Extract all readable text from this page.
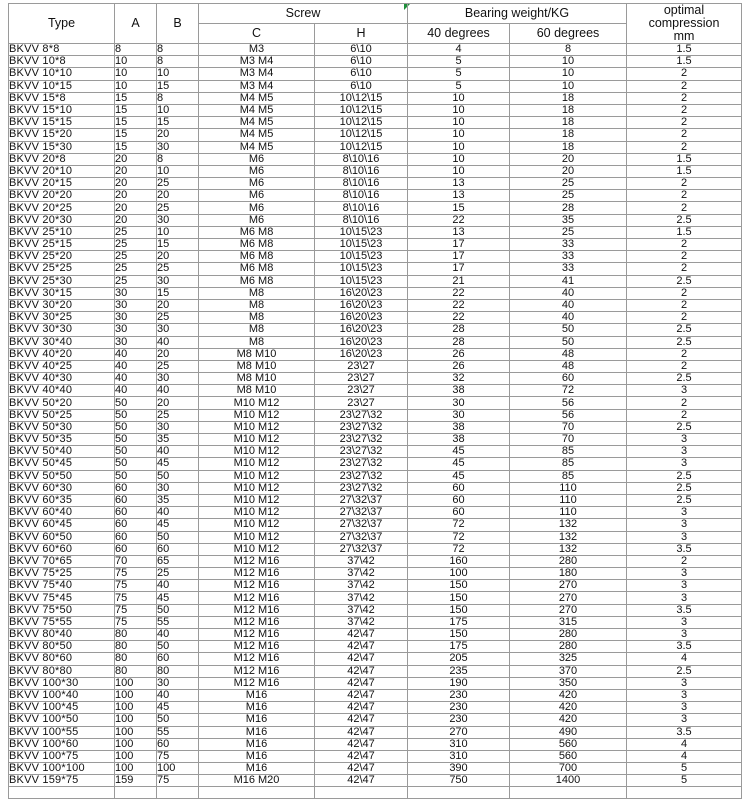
Type	A	B	Screw		Bearing weight/KG		optimal
compression
mm

			C	H	40 degrees	60 degrees	
BKVV 8*8	8	8	M3	6\10	4	8	1.5
BKVV 10*8	10	8	M3 M4	6\10	5	10	1.5
BKVV 10*10	10	10	M3 M4	6\10	5	10	2
BKVV 10*15	10	15	M3 M4	6\10	5	10	2
BKVV 15*8	15	8	M4 M5	10\12\15	10	18	2
BKVV 15*10	15	10	M4 M5	10\12\15	10	18	2
BKVV 15*15	15	15	M4 M5	10\12\15	10	18	2
BKVV 15*20	15	20	M4 M5	10\12\15	10	18	2
BKVV 15*30	15	30	M4 M5	10\12\15	10	18	2
BKVV 20*8	20	8	M6	8\10\16	10	20	1.5
BKVV 20*10	20	10	M6	8\10\16	10	20	1.5
BKVV 20*15	20	25	M6	8\10\16	13	25	2
BKVV 20*20	20	20	M6	8\10\16	13	25	2
BKVV 20*25	20	25	M6	8\10\16	15	28	2
BKVV 20*30	20	30	M6	8\10\16	22	35	2.5
BKVV 25*10	25	10	M6 M8	10\15\23	13	25	1.5
BKVV 25*15	25	15	M6 M8	10\15\23	17	33	2
BKVV 25*20	25	20	M6 M8	10\15\23	17	33	2
BKVV 25*25	25	25	M6 M8	10\15\23	17	33	2
BKVV 25*30	25	30	M6 M8	10\15\23	21	41	2.5
BKVV 30*15	30	15	M8	16\20\23	22	40	2
BKVV 30*20	30	20	M8	16\20\23	22	40	2
BKVV 30*25	30	25	M8	16\20\23	22	40	2
BKVV 30*30	30	30	M8	16\20\23	28	50	2.5
BKVV 30*40	30	40	M8	16\20\23	28	50	2.5
BKVV 40*20	40	20	M8 M10	16\20\23	26	48	2
BKVV 40*25	40	25	M8 M10	23\27	26	48	2
BKVV 40*30	40	30	M8 M10	23\27	32	60	2.5
BKVV 40*40	40	40	M8 M10	23\27	38	72	3
BKVV 50*20	50	20	M10 M12	23\27	30	56	2
BKVV 50*25	50	25	M10 M12	23\27\32	30	56	2
BKVV 50*30	50	30	M10 M12	23\27\32	38	70	2.5
BKVV 50*35	50	35	M10 M12	23\27\32	38	70	3
BKVV 50*40	50	40	M10 M12	23\27\32	45	85	3
BKVV 50*45	50	45	M10 M12	23\27\32	45	85	3
BKVV 50*50	50	50	M10 M12	23\27\32	45	85	2.5
BKVV 60*30	60	30	M10 M12	23\27\32	60	110	2.5
BKVV 60*35	60	35	M10 M12	27\32\37	60	110	2.5
BKVV 60*40	60	40	M10 M12	27\32\37	60	110	3
BKVV 60*45	60	45	M10 M12	27\32\37	72	132	3
BKVV 60*50	60	50	M10 M12	27\32\37	72	132	3
BKVV 60*60	60	60	M10 M12	27\32\37	72	132	3.5
BKVV 70*65	70	65	M12 M16	37\42	160	280	2
BKVV 75*25	75	25	M12 M16	37\42	100	180	3
BKVV 75*40	75	40	M12 M16	37\42	150	270	3
BKVV 75*45	75	45	M12 M16	37\42	150	270	3
BKVV 75*50	75	50	M12 M16	37\42	150	270	3.5
BKVV 75*55	75	55	M12 M16	37\42	175	315	3
BKVV 80*40	80	40	M12 M16	42\47	150	280	3
BKVV 80*50	80	50	M12 M16	42\47	175	280	3.5
BKVV 80*60	80	60	M12 M16	42\47	205	325	4
BKVV 80*80	80	80	M12 M16	42\47	235	370	2.5
BKVV 100*30	100	30	M12 M16	42\47	190	350	3
BKVV 100*40	100	40	M16	42\47	230	420	3
BKVV 100*45	100	45	M16	42\47	230	420	3
BKVV 100*50	100	50	M16	42\47	230	420	3
BKVV 100*55	100	55	M16	42\47	270	490	3.5
BKVV 100*60	100	60	M16	42\47	310	560	4
BKVV 100*75	100	75	M16	42\47	310	560	4
BKVV 100*100	100	100	M16	42\47	390	700	5
BKVV 159*75	159	75	M16 M20	42\47	750	1400	5
